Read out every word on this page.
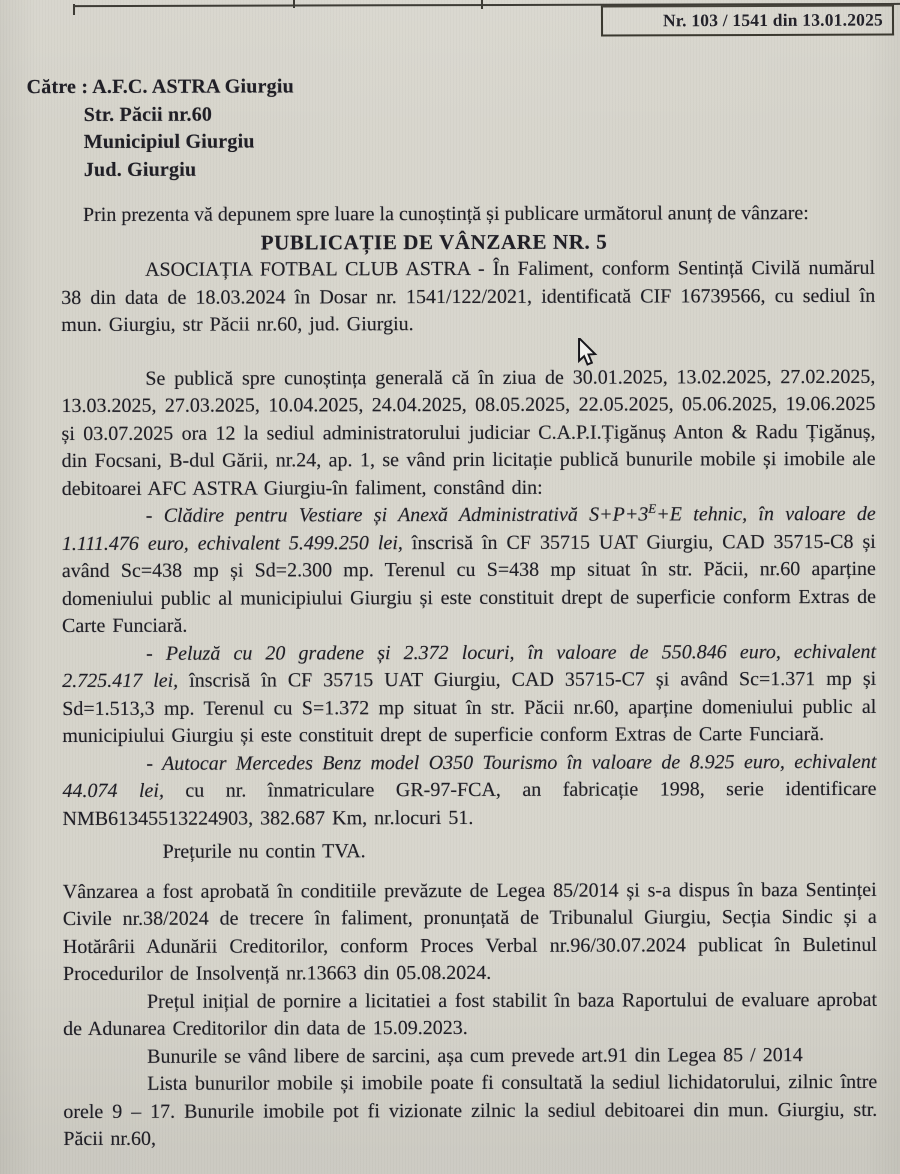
Nr. 103 / 1541 din 13.01.2025

Către : A.F.C. ASTRA Giurgiu

Str. Păcii nr.60

Municipiul Giurgiu

Jud. Giurgiu

Prin prezenta vă depunem spre luare la cunoștință și publicare următorul anunț de vânzare:

PUBLICAȚIE DE VÂNZARE NR. 5

ASOCIAȚIA FOTBAL CLUB ASTRA - În Faliment, conform Sentință Civilă numărul 38 din data de 18.03.2024 în Dosar nr. 1541/122/2021, identificată CIF 16739566, cu sediul în mun. Giurgiu, str Păcii nr.60, jud. Giurgiu.

Se publică spre cunoștința generală că în ziua de 30.01.2025, 13.02.2025, 27.02.2025, 13.03.2025, 27.03.2025, 10.04.2025, 24.04.2025, 08.05.2025, 22.05.2025, 05.06.2025, 19.06.2025 și 03.07.2025 ora 12 la sediul administratorului judiciar C.A.P.I.Țigănuș Anton & Radu Țigănuș, din Focsani, B-dul Gării, nr.24, ap. 1, se vând prin licitație publică bunurile mobile și imobile ale debitoarei AFC ASTRA Giurgiu-în faliment, constând din:

- Clădire pentru Vestiare și Anexă Administrativă $S+P+3^E+E$ tehnic, în valoare de 1.111.476 euro, echivalent 5.499.250 lei, înscrisă în CF 35715 UAT Giurgiu, CAD 35715-C8 și având Sc=438 mp și Sd=2.300 mp. Terenul cu S=438 mp situat în str. Păcii, nr.60 aparține domeniului public al municipiului Giurgiu și este constituit drept de superficie conform Extras de Carte Funciară.

- Peluză cu 20 gradene și 2.372 locuri, în valoare de 550.846 euro, echivalent 2.725.417 lei, înscrisă în CF 35715 UAT Giurgiu, CAD 35715-C7 și având Sc=1.371 mp și Sd=1.513,3 mp. Terenul cu S=1.372 mp situat în str. Păcii nr.60, aparține domeniului public al municipiului Giurgiu și este constituit drept de superficie conform Extras de Carte Funciară.

- Autocar Mercedes Benz model O350 Tourismo în valoare de 8.925 euro, echivalent 44.074 lei, cu nr. înmatriculare GR-97-FCA, an fabricație 1998, serie identificare NMB61345513224903, 382.687 Km, nr.locuri 51.

Prețurile nu contin TVA.

Vânzarea a fost aprobată în conditiile prevăzute de Legea 85/2014 și s-a dispus în baza Sentinței Civile nr.38/2024 de trecere în faliment, pronunțată de Tribunalul Giurgiu, Secția Sindic și a Hotărârii Adunării Creditorilor, conform Proces Verbal nr.96/30.07.2024 publicat în Buletinul Procedurilor de Insolvență nr.13663 din 05.08.2024.

Prețul inițial de pornire a licitatiei a fost stabilit în baza Raportului de evaluare aprobat de Adunarea Creditorilor din data de 15.09.2023.

Bunurile se vând libere de sarcini, așa cum prevede art.91 din Legea 85 / 2014

Lista bunurilor mobile și imobile poate fi consultată la sediul lichidatorului, zilnic între orele 9 – 17. Bunurile imobile pot fi vizionate zilnic la sediul debitoarei din mun. Giurgiu, str. Păcii nr.60,
